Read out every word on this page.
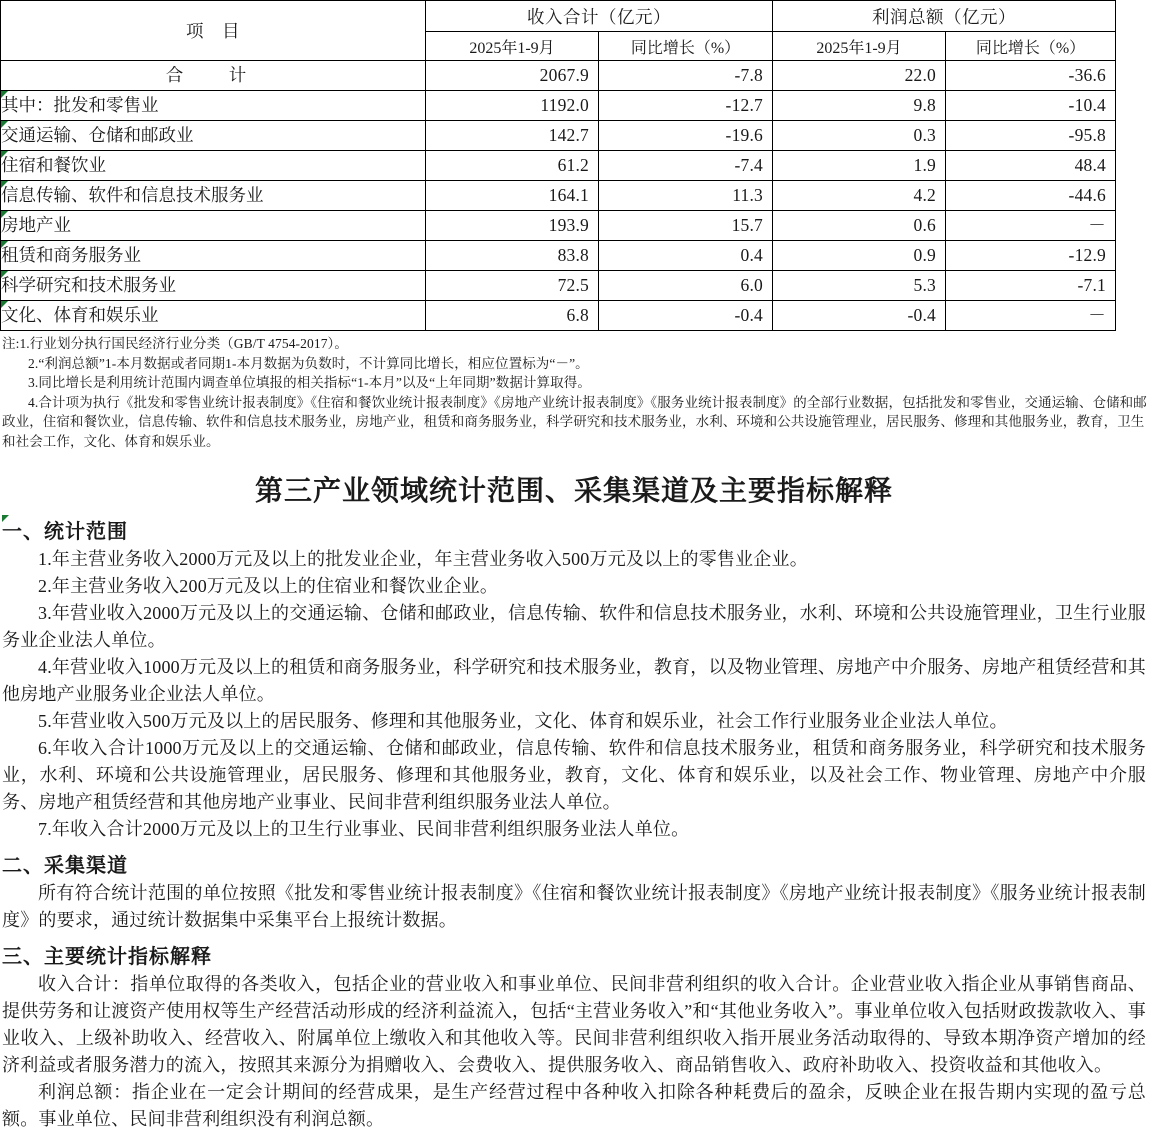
项　目	收入合计（亿元）		利润总额（亿元）	
	2025年1-9月	同比增长（%）	2025年1-9月	同比增长（%）
合　计	2067.9	-7.8	22.0	-36.6
其中：批发和零售业	1192.0	-12.7	9.8	-10.4
交通运输、仓储和邮政业	142.7	-19.6	0.3	-95.8
住宿和餐饮业	61.2	-7.4	1.9	48.4
信息传输、软件和信息技术服务业	164.1	11.3	4.2	-44.6
房地产业	193.9	15.7	0.6	－
租赁和商务服务业	83.8	0.4	0.9	-12.9
科学研究和技术服务业	72.5	6.0	5.3	-7.1
文化、体育和娱乐业	6.8	-0.4	-0.4	－
注:1.行业划分执行国民经济行业分类（GB/T 4754-2017）。
2.“利润总额”1-本月数据或者同期1-本月数据为负数时，不计算同比增长，相应位置标为“－”。
3.同比增长是利用统计范围内调查单位填报的相关指标“1-本月”以及“上年同期”数据计算取得。
4.合计项为执行《批发和零售业统计报表制度》《住宿和餐饮业统计报表制度》《房地产业统计报表制度》《服务业统计报表制度》的全部行业数据，包括批发和零售业，交通运输、仓储和邮政业，住宿和餐饮业，信息传输、软件和信息技术服务业，房地产业，租赁和商务服务业，科学研究和技术服务业，水利、环境和公共设施管理业，居民服务、修理和其他服务业，教育，卫生和社会工作，文化、体育和娱乐业。
第三产业领域统计范围、采集渠道及主要指标解释
一、统计范围

1.年主营业务收入2000万元及以上的批发业企业，年主营业务收入500万元及以上的零售业企业。

2.年主营业务收入200万元及以上的住宿业和餐饮业企业。

3.年营业收入2000万元及以上的交通运输、仓储和邮政业，信息传输、软件和信息技术服务业，水利、环境和公共设施管理业，卫生行业服务业企业法人单位。

4.年营业收入1000万元及以上的租赁和商务服务业，科学研究和技术服务业，教育，以及物业管理、房地产中介服务、房地产租赁经营和其他房地产业服务业企业法人单位。

5.年营业收入500万元及以上的居民服务、修理和其他服务业，文化、体育和娱乐业，社会工作行业服务业企业法人单位。

6.年收入合计1000万元及以上的交通运输、仓储和邮政业，信息传输、软件和信息技术服务业，租赁和商务服务业，科学研究和技术服务业，水利、环境和公共设施管理业，居民服务、修理和其他服务业，教育，文化、体育和娱乐业，以及社会工作、物业管理、房地产中介服务、房地产租赁经营和其他房地产业事业、民间非营利组织服务业法人单位。

7.年收入合计2000万元及以上的卫生行业事业、民间非营利组织服务业法人单位。

二、采集渠道

所有符合统计范围的单位按照《批发和零售业统计报表制度》《住宿和餐饮业统计报表制度》《房地产业统计报表制度》《服务业统计报表制度》的要求，通过统计数据集中采集平台上报统计数据。

三、主要统计指标解释

收入合计：指单位取得的各类收入，包括企业的营业收入和事业单位、民间非营利组织的收入合计。企业营业收入指企业从事销售商品、提供劳务和让渡资产使用权等生产经营活动形成的经济利益流入，包括“主营业务收入”和“其他业务收入”。事业单位收入包括财政拨款收入、事业收入、上级补助收入、经营收入、附属单位上缴收入和其他收入等。民间非营利组织收入指开展业务活动取得的、导致本期净资产增加的经济利益或者服务潜力的流入，按照其来源分为捐赠收入、会费收入、提供服务收入、商品销售收入、政府补助收入、投资收益和其他收入。

利润总额：指企业在一定会计期间的经营成果，是生产经营过程中各种收入扣除各种耗费后的盈余，反映企业在报告期内实现的盈亏总额。事业单位、民间非营利组织没有利润总额。
